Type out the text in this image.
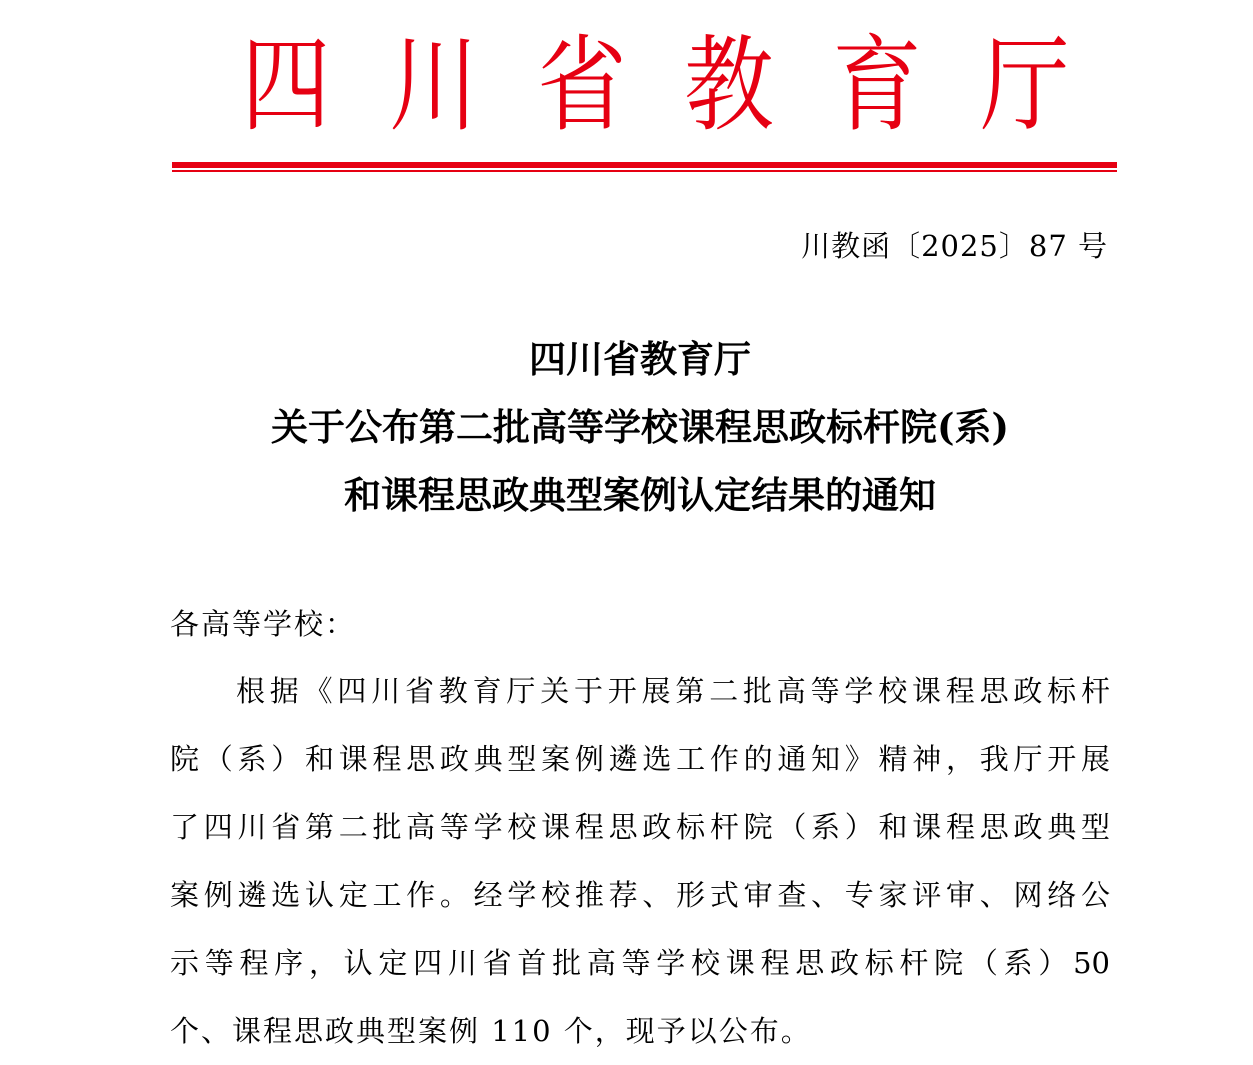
四 川 省 教 育 厅
川教函〔2025〕87 号
四川省教育厅
关于公布第二批高等学校课程思政标杆院(系)
和课程思政典型案例认定结果的通知
各高等学校：
根据《四川省教育厅关于开展第二批高等学校课程思政标杆
院（系）和课程思政典型案例遴选工作的通知》精神，我厅开展
了四川省第二批高等学校课程思政标杆院（系）和课程思政典型
案例遴选认定工作。经学校推荐、形式审查、专家评审、网络公
示等程序，认定四川省首批高等学校课程思政标杆院（系）50
个、课程思政典型案例 110 个，现予以公布。
